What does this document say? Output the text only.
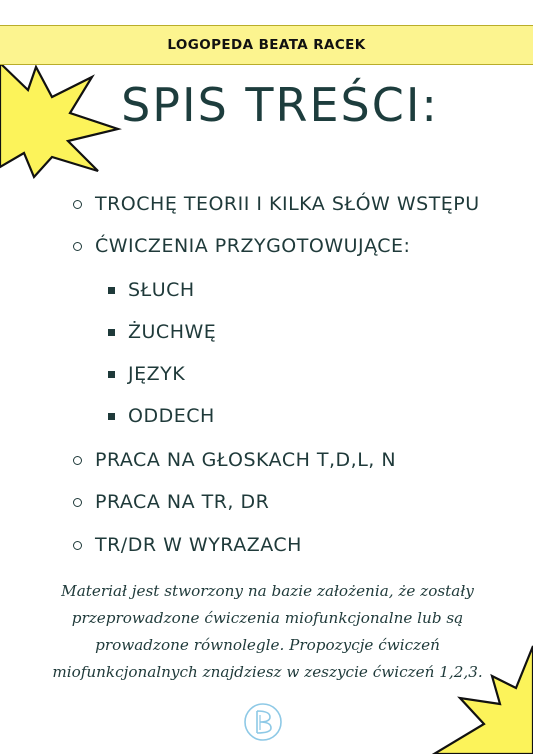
LOGOPEDA BEATA RACEK
SPIS TREŚCI:
TROCHĘ TEORII I KILKA SŁÓW WSTĘPU
ĆWICZENIA PRZYGOTOWUJĄCE:
SŁUCH
ŻUCHWĘ
JĘZYK
ODDECH
PRACA NA GŁOSKACH T,D,L, N
PRACA NA TR, DR
TR/DR W WYRAZACH
Materiał jest stworzony na bazie założenia, że zostały przeprowadzone ćwiczenia miofunkcjonalne lub są prowadzone równolegle. Propozycje ćwiczeń miofunkcjonalnych znajdziesz w zeszycie ćwiczeń 1,2,3.
